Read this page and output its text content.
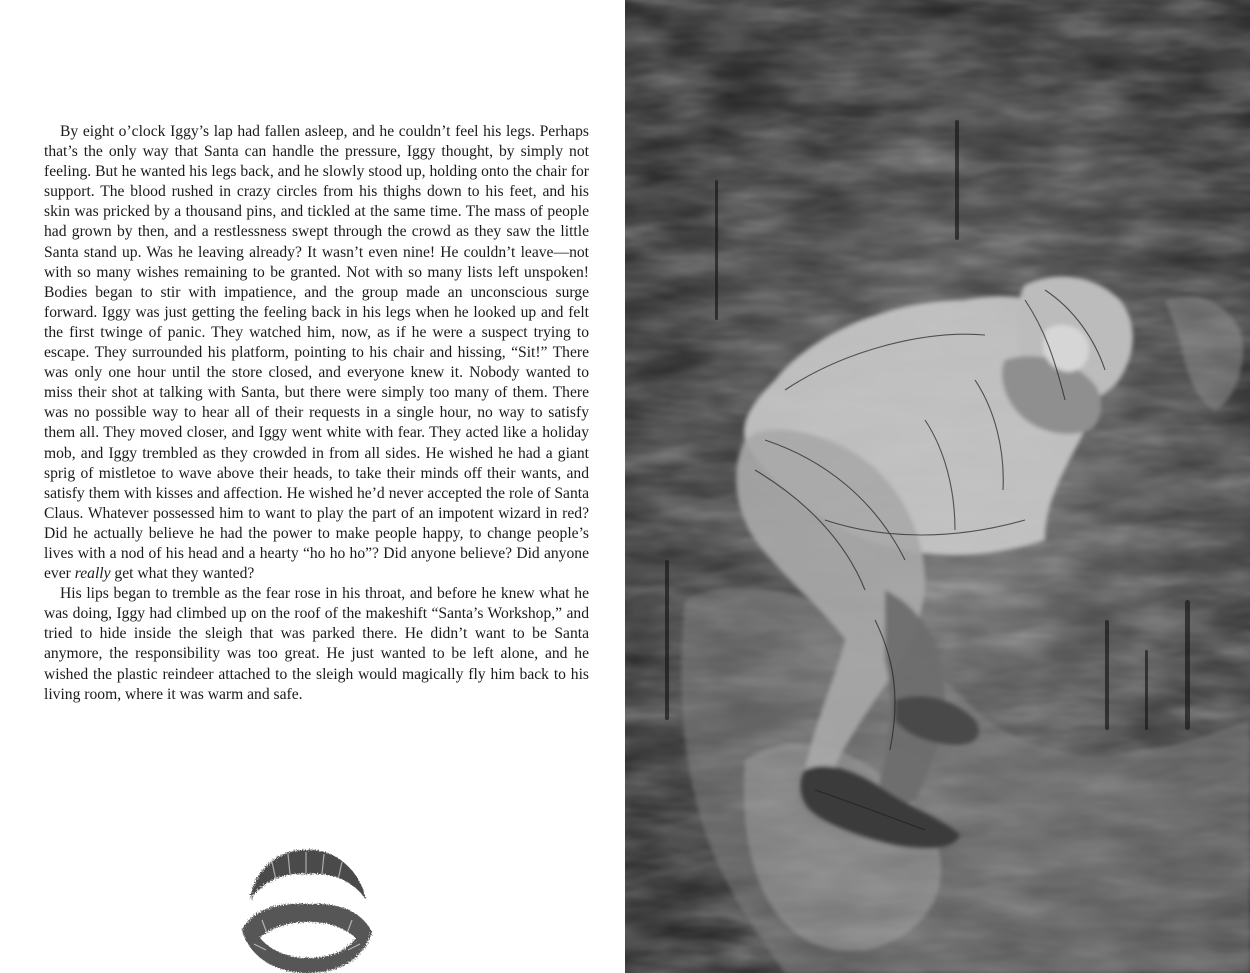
By eight o’clock Iggy’s lap had fallen asleep, and he couldn’t feel his legs. Perhaps that’s the only way that Santa can handle the pressure, Iggy thought, by simply not feeling. But he wanted his legs back, and he slowly stood up, holding onto the chair for support. The blood rushed in crazy circles from his thighs down to his feet, and his skin was pricked by a thousand pins, and tickled at the same time. The mass of people had grown by then, and a restlessness swept through the crowd as they saw the little Santa stand up. Was he leaving already? It wasn’t even nine! He couldn’t leave—not with so many wishes remaining to be granted. Not with so many lists left unspoken! Bodies began to stir with impatience, and the group made an unconscious surge forward. Iggy was just getting the feeling back in his legs when he looked up and felt the first twinge of panic. They watched him, now, as if he were a suspect trying to escape. They surrounded his platform, pointing to his chair and hissing, “Sit!” There was only one hour until the store closed, and everyone knew it. Nobody wanted to miss their shot at talking with Santa, but there were simply too many of them. There was no possible way to hear all of their requests in a single hour, no way to satisfy them all. They moved closer, and Iggy went white with fear. They acted like a holiday mob, and Iggy trembled as they crowded in from all sides. He wished he had a giant sprig of mistletoe to wave above their heads, to take their minds off their wants, and satisfy them with kisses and affection. He wished he’d never accepted the role of Santa Claus. Whatever possessed him to want to play the part of an impotent wizard in red? Did he actually believe he had the power to make people happy, to change people’s lives with a nod of his head and a hearty “ho ho ho”? Did anyone believe? Did anyone ever really get what they wanted?

His lips began to tremble as the fear rose in his throat, and before he knew what he was doing, Iggy had climbed up on the roof of the makeshift “Santa’s Workshop,” and tried to hide inside the sleigh that was parked there. He didn’t want to be Santa anymore, the responsibility was too great. He just wanted to be left alone, and he wished the plastic reindeer attached to the sleigh would magically fly him back to his living room, where it was warm and safe.
